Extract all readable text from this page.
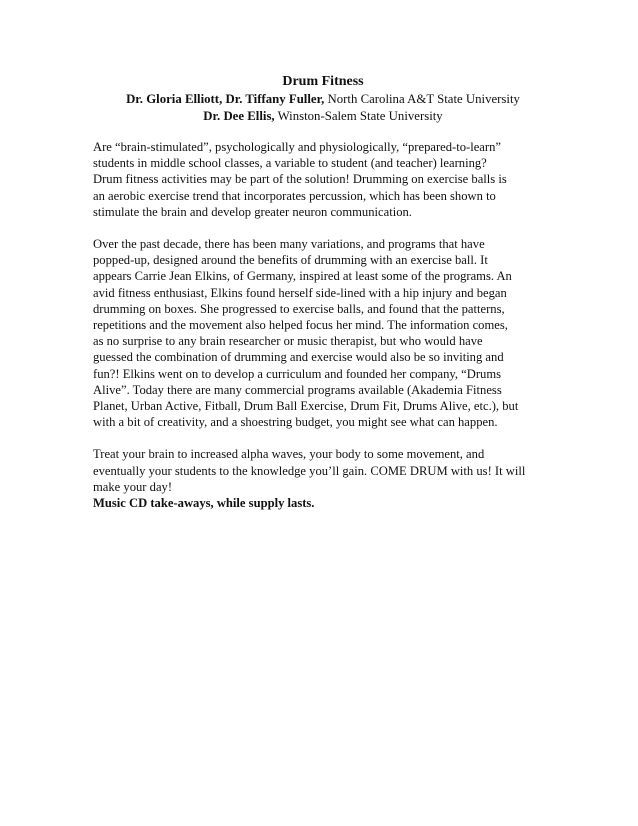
Drum Fitness

Dr. Gloria Elliott, Dr. Tiffany Fuller, North Carolina A&T State University

Dr. Dee Ellis, Winston-Salem State University

Are “brain-stimulated”, psychologically and physiologically, “prepared-to-learn”
students in middle school classes, a variable to student (and teacher) learning?
Drum fitness activities may be part of the solution! Drumming on exercise balls is
an aerobic exercise trend that incorporates percussion, which has been shown to
stimulate the brain and develop greater neuron communication.

Over the past decade, there has been many variations, and programs that have
popped-up, designed around the benefits of drumming with an exercise ball. It
appears Carrie Jean Elkins, of Germany, inspired at least some of the programs. An
avid fitness enthusiast, Elkins found herself side-lined with a hip injury and began
drumming on boxes. She progressed to exercise balls, and found that the patterns,
repetitions and the movement also helped focus her mind. The information comes,
as no surprise to any brain researcher or music therapist, but who would have
guessed the combination of drumming and exercise would also be so inviting and
fun?! Elkins went on to develop a curriculum and founded her company, “Drums
Alive”. Today there are many commercial programs available (Akademia Fitness
Planet, Urban Active, Fitball, Drum Ball Exercise, Drum Fit, Drums Alive, etc.), but
with a bit of creativity, and a shoestring budget, you might see what can happen.

Treat your brain to increased alpha waves, your body to some movement, and
eventually your students to the knowledge you’ll gain. COME DRUM with us! It will
make your day!
Music CD take-aways, while supply lasts.
